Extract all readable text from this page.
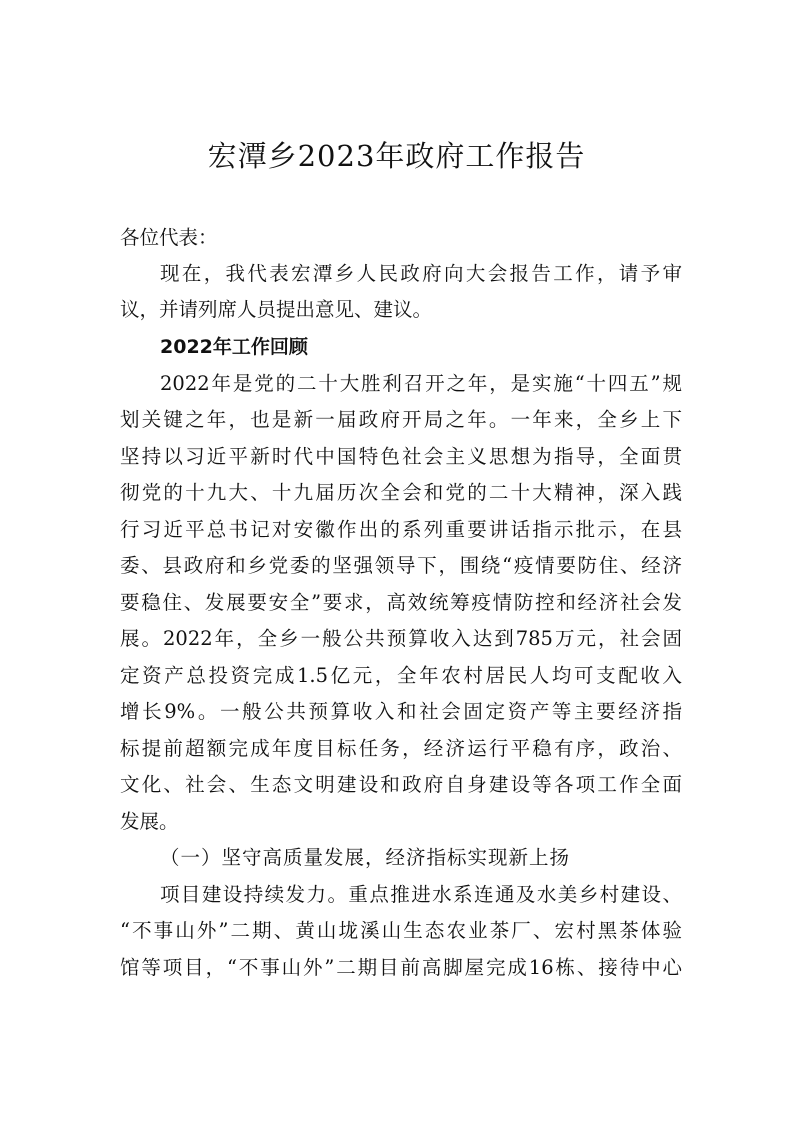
宏潭乡2023年政府工作报告
各位代表：
现在，我代表宏潭乡人民政府向大会报告工作，请予审
议，并请列席人员提出意见、建议。
2022年工作回顾
2022年是党的二十大胜利召开之年，是实施“十四五”规
划关键之年，也是新一届政府开局之年。一年来，全乡上下
坚持以习近平新时代中国特色社会主义思想为指导，全面贯
彻党的十九大、十九届历次全会和党的二十大精神，深入践
行习近平总书记对安徽作出的系列重要讲话指示批示，在县
委、县政府和乡党委的坚强领导下，围绕“疫情要防住、经济
要稳住、发展要安全”要求，高效统筹疫情防控和经济社会发
展。2022年，全乡一般公共预算收入达到785万元，社会固
定资产总投资完成1.5亿元，全年农村居民人均可支配收入
增长9%。一般公共预算收入和社会固定资产等主要经济指
标提前超额完成年度目标任务，经济运行平稳有序，政治、
文化、社会、生态文明建设和政府自身建设等各项工作全面
发展。
（一）坚守高质量发展，经济指标实现新上扬
项目建设持续发力。重点推进水系连通及水美乡村建设、
“不事山外”二期、黄山垅溪山生态农业茶厂、宏村黑茶体验
馆等项目，“不事山外”二期目前高脚屋完成16栋、接待中心
